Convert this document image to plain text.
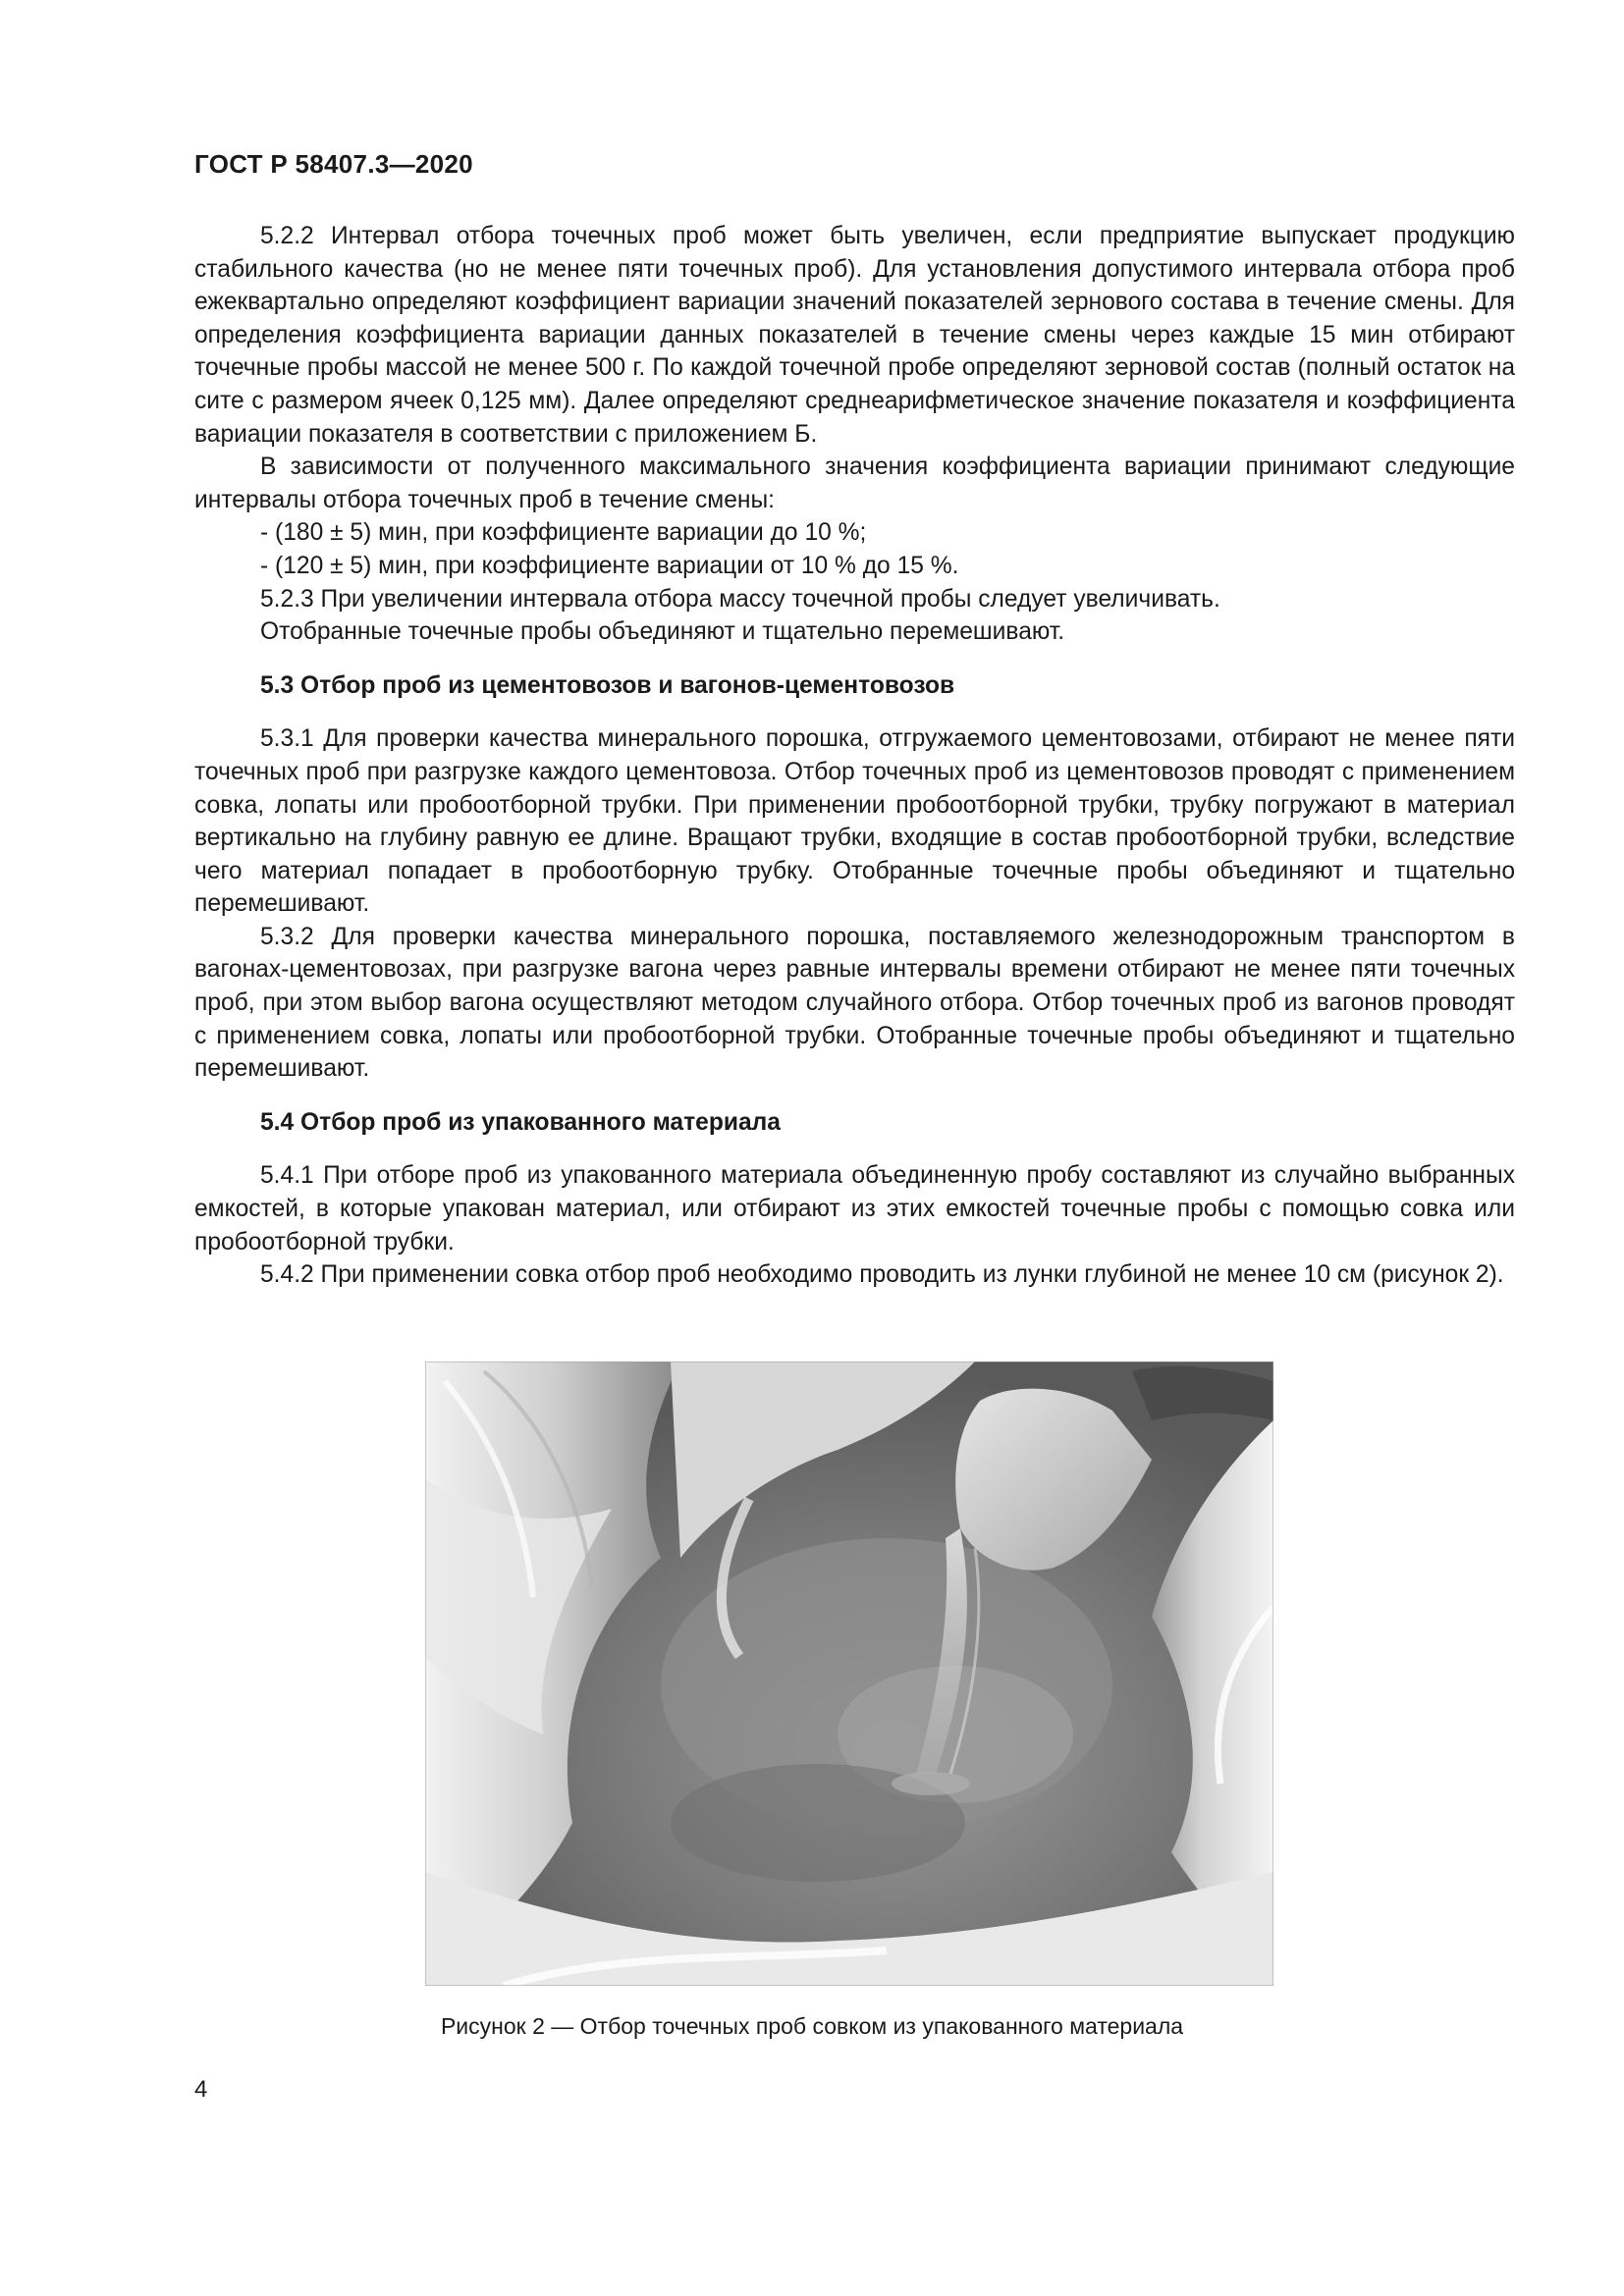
ГОСТ Р 58407.3—2020

5.2.2 Интервал отбора точечных проб может быть увеличен, если предприятие выпускает продукцию стабильного качества (но не менее пяти точечных проб). Для установления допустимого интервала отбора проб ежеквартально определяют коэффициент вариации значений показателей зернового состава в течение смены. Для определения коэффициента вариации данных показателей в течение смены через каждые 15 мин отбирают точечные пробы массой не менее 500 г. По каждой точечной пробе определяют зерновой состав (полный остаток на сите с размером ячеек 0,125 мм). Далее определяют среднеарифметическое значение показателя и коэффициента вариации показателя в соответствии с приложением Б.

В зависимости от полученного максимального значения коэффициента вариации принимают следующие интервалы отбора точечных проб в течение смены:

- (180 ± 5) мин, при коэффициенте вариации до 10 %;

- (120 ± 5) мин, при коэффициенте вариации от 10 % до 15 %.

5.2.3 При увеличении интервала отбора массу точечной пробы следует увеличивать.

Отобранные точечные пробы объединяют и тщательно перемешивают.

5.3 Отбор проб из цементовозов и вагонов-цементовозов

5.3.1 Для проверки качества минерального порошка, отгружаемого цементовозами, отбирают не менее пяти точечных проб при разгрузке каждого цементовоза. Отбор точечных проб из цементовозов проводят с применением совка, лопаты или пробоотборной трубки. При применении пробоотборной трубки, трубку погружают в материал вертикально на глубину равную ее длине. Вращают трубки, входящие в состав пробоотборной трубки, вследствие чего материал попадает в пробоотборную трубку. Отобранные точечные пробы объединяют и тщательно перемешивают.

5.3.2 Для проверки качества минерального порошка, поставляемого железнодорожным транспортом в вагонах-цементовозах, при разгрузке вагона через равные интервалы времени отбирают не менее пяти точечных проб, при этом выбор вагона осуществляют методом случайного отбора. Отбор точечных проб из вагонов проводят с применением совка, лопаты или пробоотборной трубки. Отобранные точечные пробы объединяют и тщательно перемешивают.

5.4 Отбор проб из упакованного материала

5.4.1 При отборе проб из упакованного материала объединенную пробу составляют из случайно выбранных емкостей, в которые упакован материал, или отбирают из этих емкостей точечные пробы с помощью совка или пробоотборной трубки.

5.4.2 При применении совка отбор проб необходимо проводить из лунки глубиной не менее 10 см (рисунок 2).

Рисунок 2 — Отбор точечных проб совком из упакованного материала
4
